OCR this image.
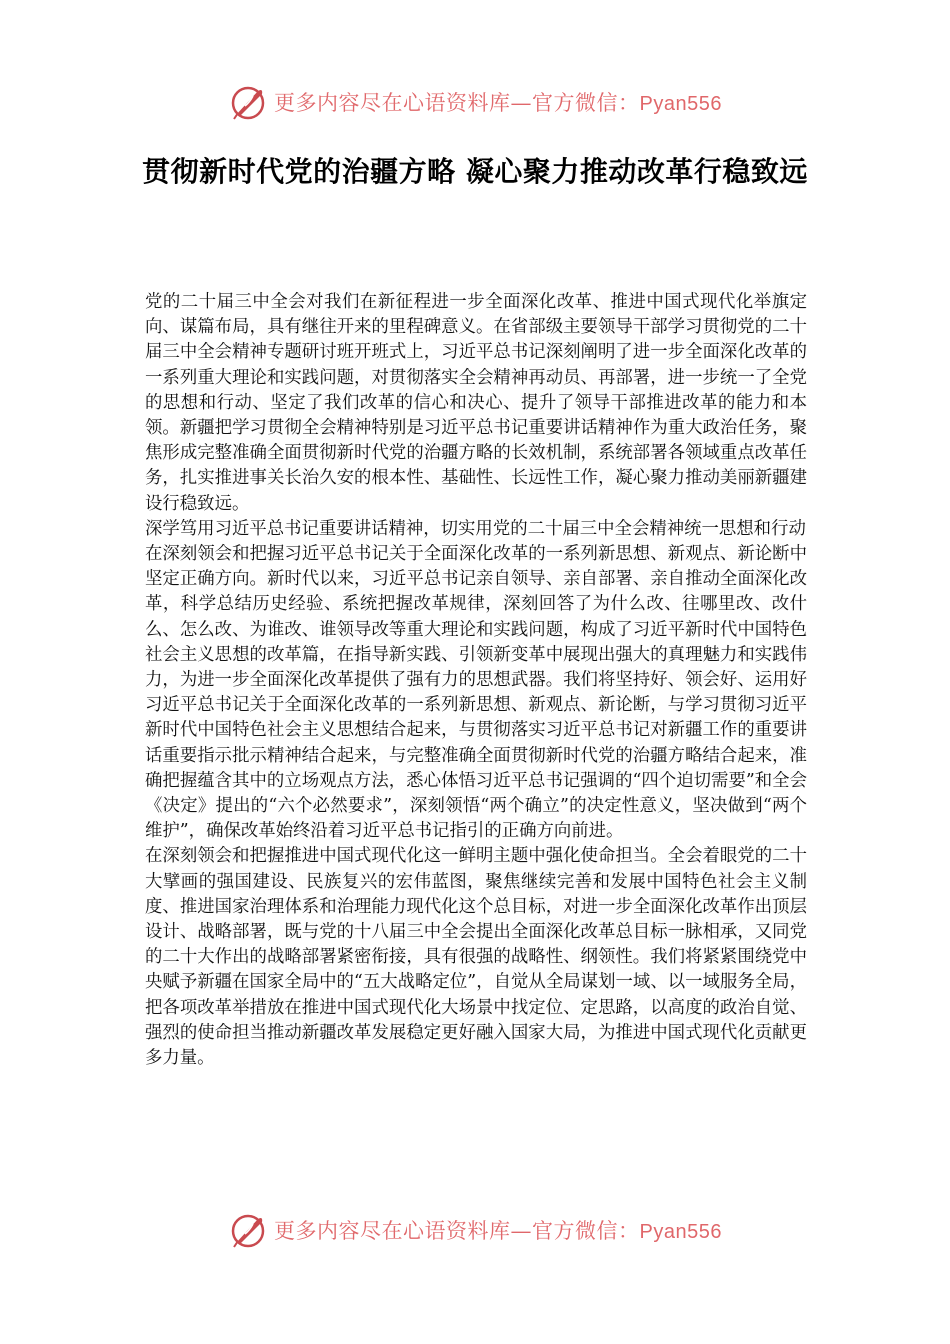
更多内容尽在心语资料库—官方微信：Pyan556
贯彻新时代党的治疆方略 凝心聚力推动改革行稳致远

党的二十届三中全会对我们在新征程进一步全面深化改革、推进中国式现代化举旗定向、谋篇布局，具有继往开来的里程碑意义。在省部级主要领导干部学习贯彻党的二十届三中全会精神专题研讨班开班式上，习近平总书记深刻阐明了进一步全面深化改革的一系列重大理论和实践问题，对贯彻落实全会精神再动员、再部署，进一步统一了全党的思想和行动、坚定了我们改革的信心和决心、提升了领导干部推进改革的能力和本领。新疆把学习贯彻全会精神特别是习近平总书记重要讲话精神作为重大政治任务，聚焦形成完整准确全面贯彻新时代党的治疆方略的长效机制，系统部署各领域重点改革任务，扎实推进事关长治久安的根本性、基础性、长远性工作，凝心聚力推动美丽新疆建设行稳致远。

深学笃用习近平总书记重要讲话精神，切实用党的二十届三中全会精神统一思想和行动

在深刻领会和把握习近平总书记关于全面深化改革的一系列新思想、新观点、新论断中坚定正确方向。新时代以来，习近平总书记亲自领导、亲自部署、亲自推动全面深化改革，科学总结历史经验、系统把握改革规律，深刻回答了为什么改、往哪里改、改什么、怎么改、为谁改、谁领导改等重大理论和实践问题，构成了习近平新时代中国特色社会主义思想的改革篇，在指导新实践、引领新变革中展现出强大的真理魅力和实践伟力，为进一步全面深化改革提供了强有力的思想武器。我们将坚持好、领会好、运用好习近平总书记关于全面深化改革的一系列新思想、新观点、新论断，与学习贯彻习近平新时代中国特色社会主义思想结合起来，与贯彻落实习近平总书记对新疆工作的重要讲话重要指示批示精神结合起来，与完整准确全面贯彻新时代党的治疆方略结合起来，准确把握蕴含其中的立场观点方法，悉心体悟习近平总书记强调的“四个迫切需要”和全会《决定》提出的“六个必然要求”，深刻领悟“两个确立”的决定性意义，坚决做到“两个维护”，确保改革始终沿着习近平总书记指引的正确方向前进。

在深刻领会和把握推进中国式现代化这一鲜明主题中强化使命担当。全会着眼党的二十大擘画的强国建设、民族复兴的宏伟蓝图，聚焦继续完善和发展中国特色社会主义制度、推进国家治理体系和治理能力现代化这个总目标，对进一步全面深化改革作出顶层设计、战略部署，既与党的十八届三中全会提出全面深化改革总目标一脉相承，又同党的二十大作出的战略部署紧密衔接，具有很强的战略性、纲领性。我们将紧紧围绕党中央赋予新疆在国家全局中的“五大战略定位”，自觉从全局谋划一域、以一域服务全局，把各项改革举措放在推进中国式现代化大场景中找定位、定思路，以高度的政治自觉、强烈的使命担当推动新疆改革发展稳定更好融入国家大局，为推进中国式现代化贡献更多力量。

更多内容尽在心语资料库—官方微信：Pyan556
